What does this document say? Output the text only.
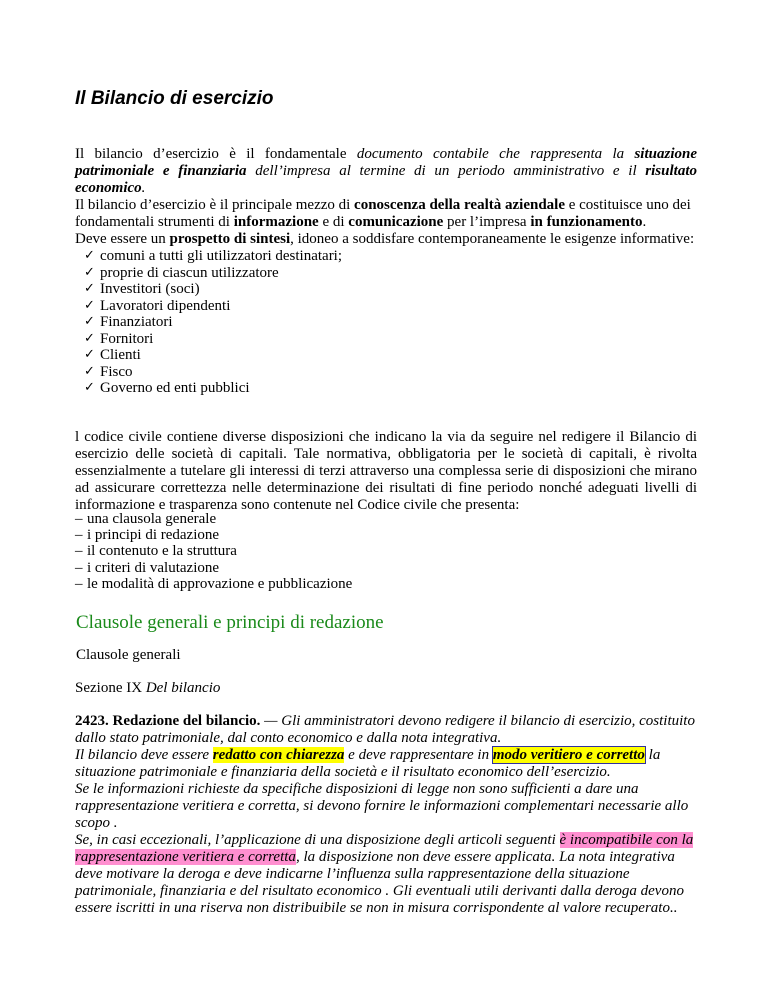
Il Bilancio di esercizio

Il bilancio d’esercizio è il fondamentale documento contabile che rappresenta la situazione patrimoniale e finanziaria dell’impresa al termine di un periodo amministrativo e il risultato economico.

Il bilancio d’esercizio è il principale mezzo di conoscenza della realtà aziendale e costituisce uno dei fondamentali strumenti di informazione e di comunicazione per l’impresa in funzionamento.

Deve essere un prospetto di sintesi, idoneo a soddisfare contemporaneamente le esigenze informative:

✓ comuni a tutti gli utilizzatori destinatari;
✓ proprie di ciascun utilizzatore
✓ Investitori (soci)
✓ Lavoratori dipendenti
✓ Finanziatori
✓ Fornitori
✓ Clienti
✓ Fisco
✓ Governo ed enti pubblici

l codice civile contiene diverse disposizioni che indicano la via da seguire nel redigere il Bilancio di esercizio delle società di capitali. Tale normativa, obbligatoria per le società di capitali, è rivolta essenzialmente a tutelare gli interessi di terzi attraverso una complessa serie di disposizioni che mirano ad assicurare correttezza nelle determinazione dei risultati di fine periodo nonché adeguati livelli di informazione e trasparenza sono contenute nel Codice civile che presenta:

– una clausola generale
– i principi di redazione
– il contenuto e la struttura
– i criteri di valutazione
– le modalità di approvazione e pubblicazione
Clausole generali e principi di redazione

Clausole generali

Sezione IX Del bilancio

2423. Redazione del bilancio. — Gli amministratori devono redigere il bilancio di esercizio, costituito dallo stato patrimoniale, dal conto economico e dalla nota integrativa.

Il bilancio deve essere redatto con chiarezza e deve rappresentare in modo veritiero e corretto la situazione patrimoniale e finanziaria della società e il risultato economico dell’esercizio.

Se le informazioni richieste da specifiche disposizioni di legge non sono sufficienti a dare una rappresentazione veritiera e corretta, si devono fornire le informazioni complementari necessarie allo scopo .

Se, in casi eccezionali, l’applicazione di una disposizione degli articoli seguenti è incompatibile con la rappresentazione veritiera e corretta, la disposizione non deve essere applicata. La nota integrativa deve motivare la deroga e deve indicarne l’influenza sulla rappresentazione della situazione patrimoniale, finanziaria e del risultato economico . Gli eventuali utili derivanti dalla deroga devono essere iscritti in una riserva non distribuibile se non in misura corrispondente al valore recuperato..
